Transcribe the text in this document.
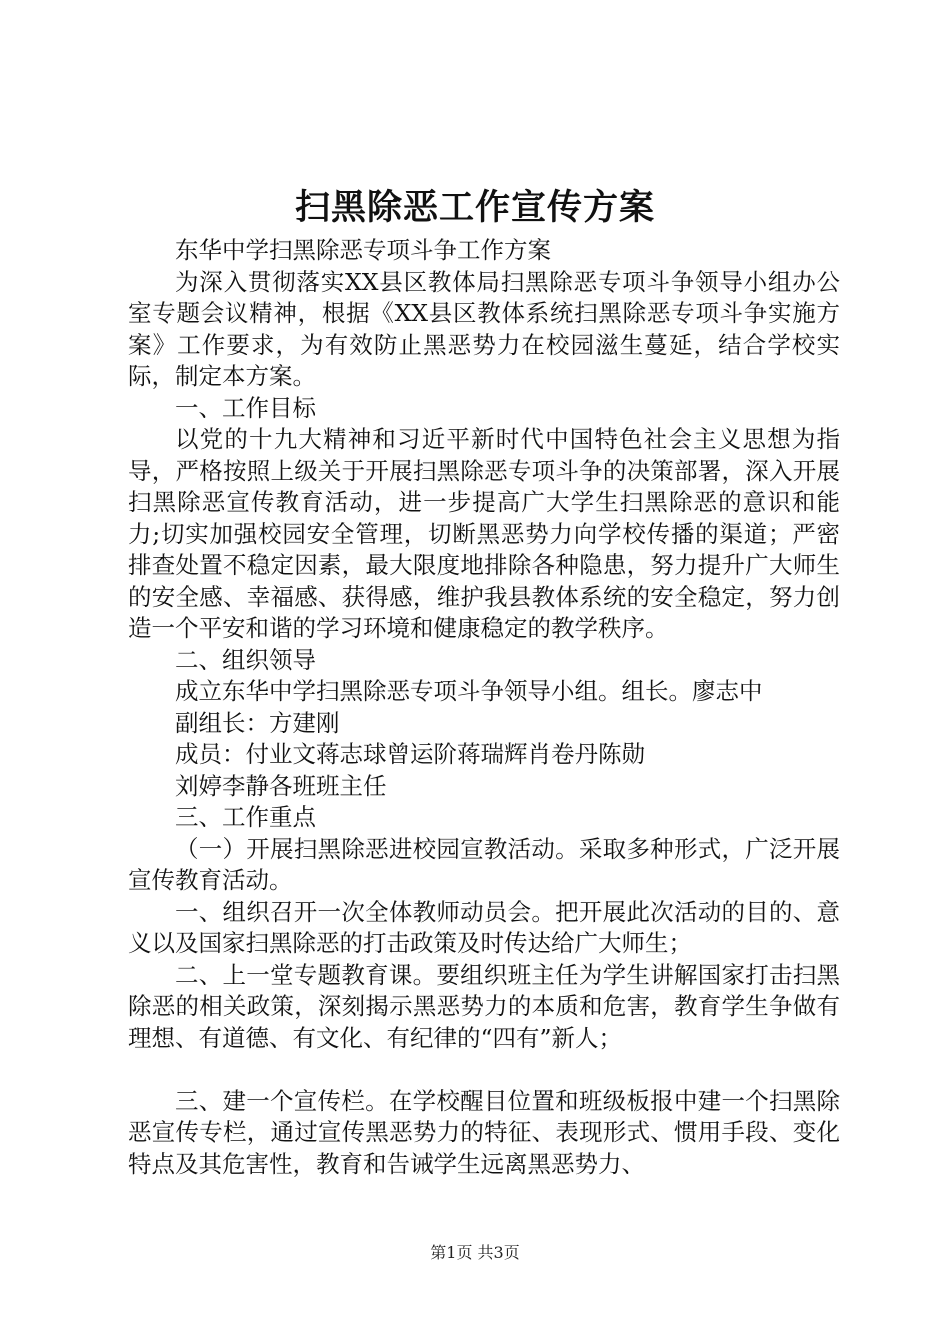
扫黑除恶工作宣传方案

东华中学扫黑除恶专项斗争工作方案

为深入贯彻落实XX县区教体局扫黑除恶专项斗争领导小组办公室专题会议精神，根据《XX县区教体系统扫黑除恶专项斗争实施方案》工作要求，为有效防止黑恶势力在校园滋生蔓延，结合学校实际，制定本方案。

一、工作目标

以党的十九大精神和习近平新时代中国特色社会主义思想为指导，严格按照上级关于开展扫黑除恶专项斗争的决策部署，深入开展扫黑除恶宣传教育活动，进一步提高广大学生扫黑除恶的意识和能力;切实加强校园安全管理，切断黑恶势力向学校传播的渠道；严密排查处置不稳定因素，最大限度地排除各种隐患，努力提升广大师生的安全感、幸福感、获得感，维护我县教体系统的安全稳定，努力创造一个平安和谐的学习环境和健康稳定的教学秩序。

二、组织领导

成立东华中学扫黑除恶专项斗争领导小组。组长。廖志中

副组长：方建刚

成员：付业文蒋志球曾运阶蒋瑞辉肖卷丹陈勋

刘婷李静各班班主任

三、工作重点

（一）开展扫黑除恶进校园宣教活动。采取多种形式，广泛开展宣传教育活动。

一、组织召开一次全体教师动员会。把开展此次活动的目的、意义以及国家扫黑除恶的打击政策及时传达给广大师生；

二、上一堂专题教育课。要组织班主任为学生讲解国家打击扫黑除恶的相关政策，深刻揭示黑恶势力的本质和危害，教育学生争做有理想、有道德、有文化、有纪律的“四有”新人；

三、建一个宣传栏。在学校醒目位置和班级板报中建一个扫黑除恶宣传专栏，通过宣传黑恶势力的特征、表现形式、惯用手段、变化特点及其危害性，教育和告诫学生远离黑恶势力、

第1页 共3页
